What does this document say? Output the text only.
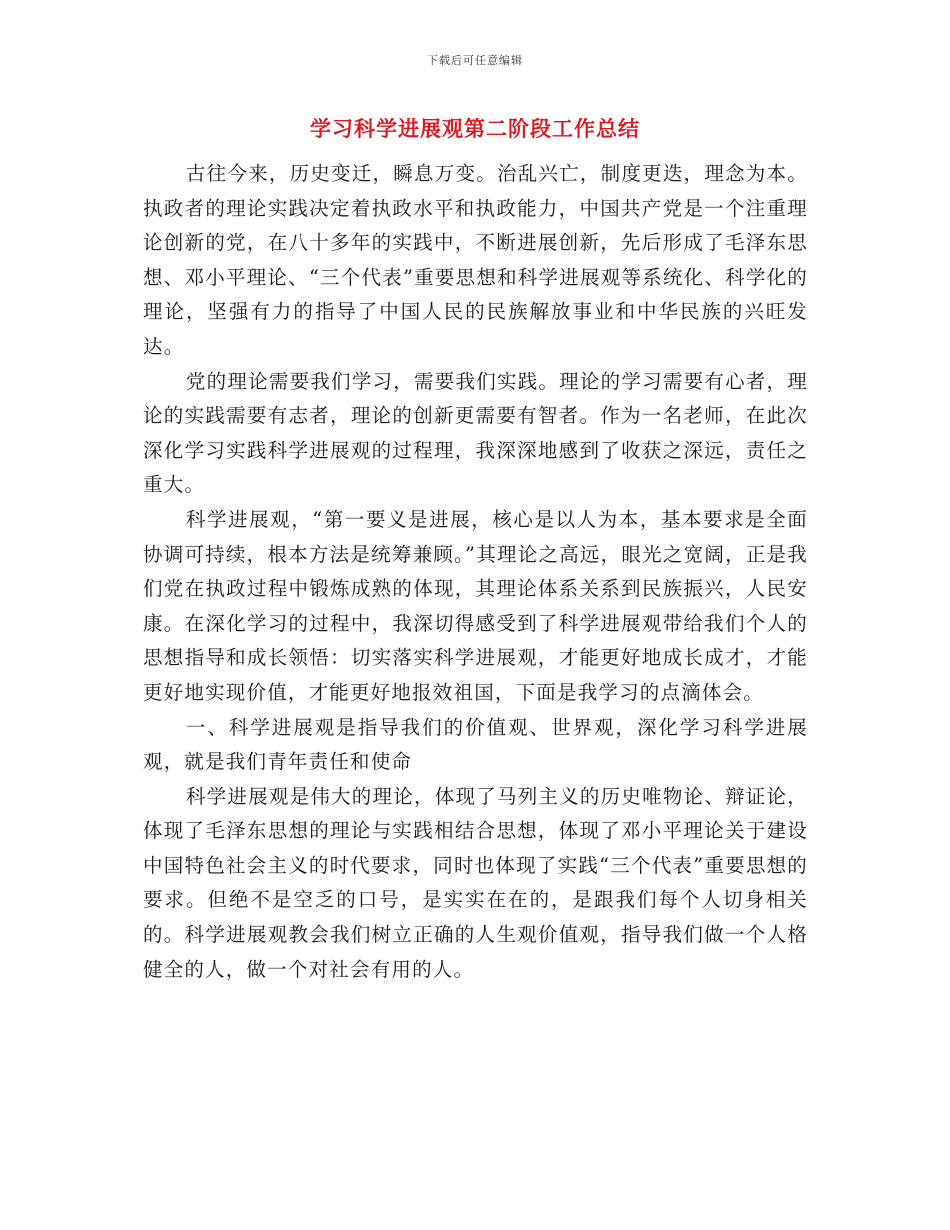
下载后可任意编辑
学习科学进展观第二阶段工作总结

古往今来，历史变迁，瞬息万变。治乱兴亡，制度更迭，理念为本。执政者的理论实践决定着执政水平和执政能力，中国共产党是一个注重理论创新的党，在八十多年的实践中，不断进展创新，先后形成了毛泽东思想、邓小平理论、“三个代表”重要思想和科学进展观等系统化、科学化的理论，坚强有力的指导了中国人民的民族解放事业和中华民族的兴旺发达。

党的理论需要我们学习，需要我们实践。理论的学习需要有心者，理论的实践需要有志者，理论的创新更需要有智者。作为一名老师，在此次深化学习实践科学进展观的过程理，我深深地感到了收获之深远，责任之重大。

科学进展观，“第一要义是进展，核心是以人为本，基本要求是全面协调可持续，根本方法是统筹兼顾。”其理论之高远，眼光之宽阔，正是我们党在执政过程中锻炼成熟的体现，其理论体系关系到民族振兴，人民安康。在深化学习的过程中，我深切得感受到了科学进展观带给我们个人的思想指导和成长领悟：切实落实科学进展观，才能更好地成长成才，才能更好地实现价值，才能更好地报效祖国，下面是我学习的点滴体会。

一、科学进展观是指导我们的价值观、世界观，深化学习科学进展观，就是我们青年责任和使命

科学进展观是伟大的理论，体现了马列主义的历史唯物论、辩证论，体现了毛泽东思想的理论与实践相结合思想，体现了邓小平理论关于建设中国特色社会主义的时代要求，同时也体现了实践“三个代表”重要思想的要求。但绝不是空乏的口号，是实实在在的，是跟我们每个人切身相关的。科学进展观教会我们树立正确的人生观价值观，指导我们做一个人格健全的人，做一个对社会有用的人。
